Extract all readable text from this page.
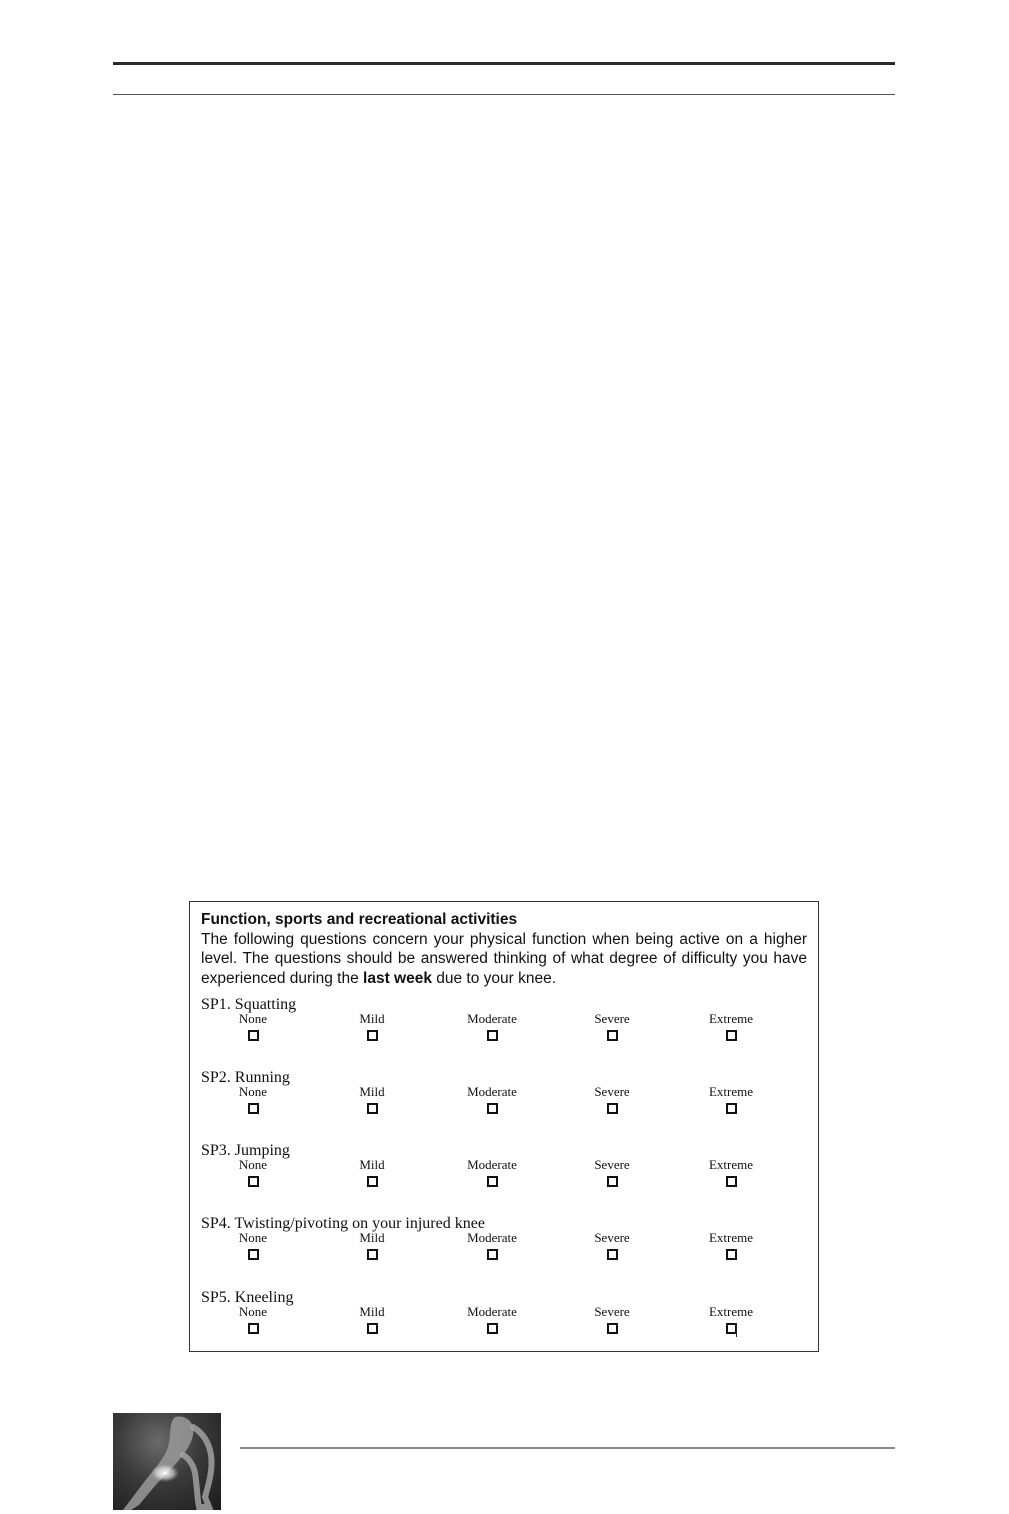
Function, sports and recreational activities
The following questions concern your physical function when being active on a higher level. The questions should be answered thinking of what degree of difficulty you have experienced during the last week due to your knee.
SP1. Squatting
None	Mild	Moderate	Severe	Extreme
SP2. Running
None	Mild	Moderate	Severe	Extreme
SP3. Jumping
None	Mild	Moderate	Severe	Extreme
SP4. Twisting/pivoting on your injured knee
None	Mild	Moderate	Severe	Extreme
SP5. Kneeling
None	Mild	Moderate	Severe	Extreme
